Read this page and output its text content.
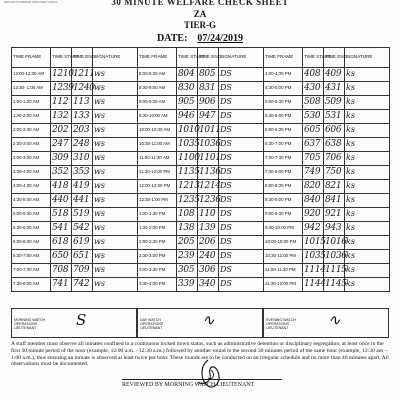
SECURITY/INMATE WELFARE CHECK	30 MINUTE WELFARE CHECK SHEET
ZA
TIER-G
DATE: 07/24/2019
TIME FRAME	TIME START	TIME END	SIGNATURE	TIME FRAME	TIME START	TIME END	SIGNATURE	TIME FRAME	TIME START	TIME END	SIGNATURE
12:00-12:30 AM	1210	1211	ws	8:00-8:30 AM	804	805	DS	4:00-4:30 PM	408	409	ks
12:30- 1:00 AM	1239	1240	ws	8:30-9:00 AM	830	831	DS	4:30-5:00 PM	430	431	ks
1:00-1:30 AM	112	113	ws	9:00-9:30 AM	905	906	DS	5:00-5:30 PM	508	509	ks
1:30-2:00 AM	132	133	ws	9:30-10:00 AM	946	947	DS	5:30-6:00 PM	530	531	ks
2:00-2:30 AM	202	203	ws	10:00-10:30 AM	1010	1011	DS	6:00-6:30 PM	605	606	ks
2:30-3:00 AM	247	248	ws	10:30-11:00 AM	1035	1036	DS	6:30-7:00 PM	637	638	ks
3:00-3:30 AM	309	310	ws	11:00-11:30 AM	1100	1101	DS	7:00-7:30 PM	705	706	ks
3:30-4:00 AM	352	353	ws	11:30-12:00 PM	1135	1136	DS	7:30-8:00 PM	749	750	ks
4:00-4:30 AM	418	419	ws	12:00-12:30 PM	1213	1214	DS	8:00-8:30 PM	820	821	ks
4:30-5:00 AM	440	441	ws	12:30-1:00 PM	1235	1236	DS	8:30-9:00 PM	840	841	ks
5:00-5:30 AM	518	519	ws	1:00-1:30 PM	108	110	DS	9:00-9:30 PM	920	921	ks
5:30-6:00 AM	541	542	ws	1:30-2:00 PM	138	139	DS	9:30-10:00 PM	942	943	ks
6:00-6:30 AM	618	619	ws	2:00-2:30 PM	205	206	DS	10:00-10:30 PM	1015	1016	ks
6:30-7:00 AM	650	651	ws	2:30-3:00 PM	239	240	DS	10:30-11:00 PM	1035	1036	ks
7:00-7:30 AM	708	709	ws	3:00-3:30 PM	305	306	DS	11:00-11:30 PM	1114	1115	ks
7:30-8:00 AM	741	742	ws	3:30-4:00 PM	339	340	DS	11:30-12:00 PM	1144	1145	ks
MORNING WATCH OPERATIONS LIEUTENANT	S	DAY WATCH OPERATIONS LIEUTENANT	∿	EVENING WATCH OPERATIONS LIEUTENANT	∿
A staff member must observe all inmates confined in a continuous locked down status, such as administrative detention or disciplinary segregation, at least once in the first 30 minute period of the hour (example, 12:00 a.m. - 12:30 a.m.) followed by another round in the second 30 minutes period of the same hour (example, 12:30 am – 1:00 a.m.), thus ensuring an inmate is observed at least twice per hour. These rounds are to be conducted on an irregular schedule and no more than 40 minutes apart. All observations must be documented.
REVIEWED BY MORNING WATCH LIEUTENANT
